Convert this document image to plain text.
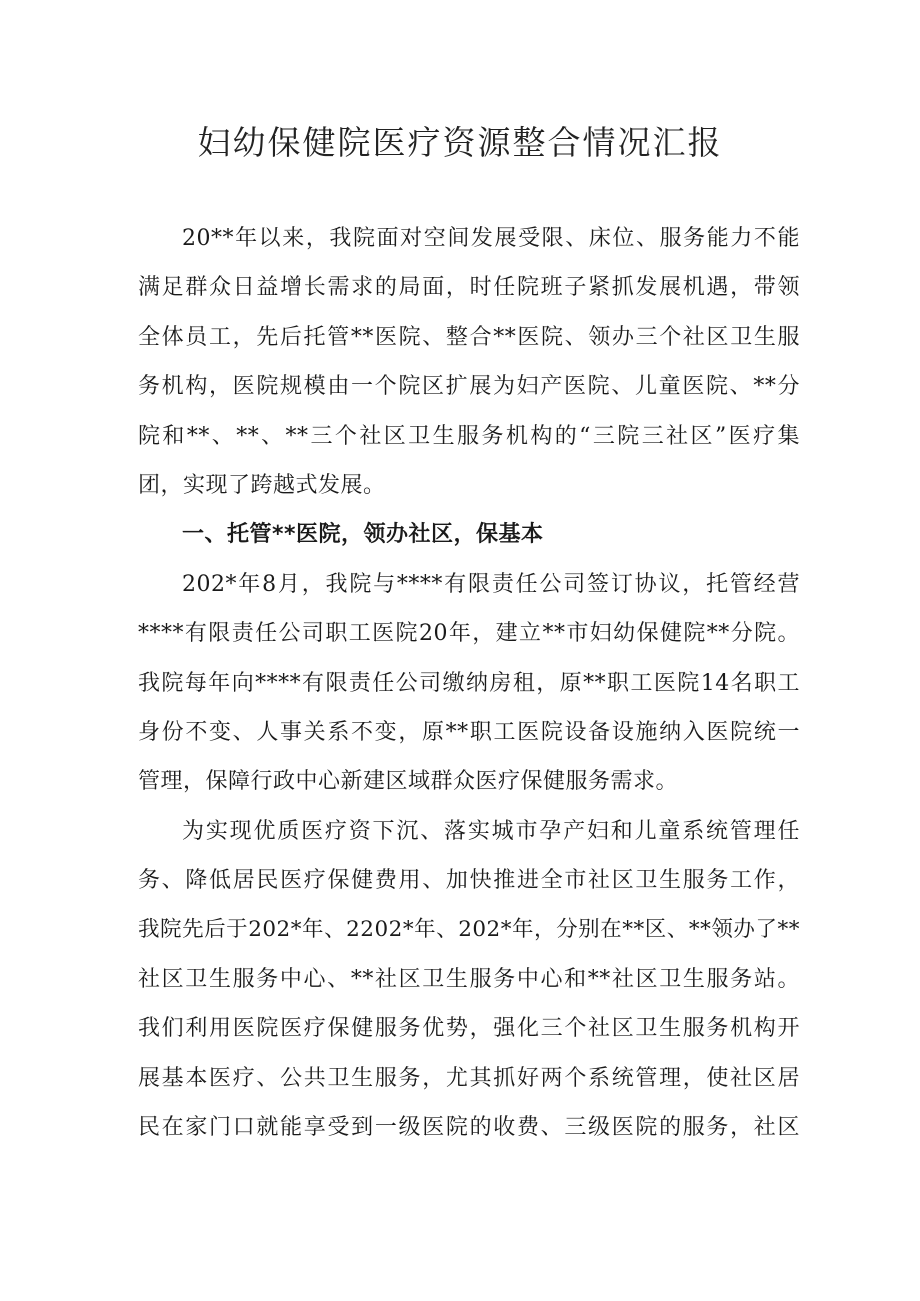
妇幼保健院医疗资源整合情况汇报
20**年以来，我院面对空间发展受限、床位、服务能力不能
满足群众日益增长需求的局面，时任院班子紧抓发展机遇，带领
全体员工，先后托管**医院、整合**医院、领办三个社区卫生服
务机构，医院规模由一个院区扩展为妇产医院、儿童医院、**分
院和**、**、**三个社区卫生服务机构的“三院三社区”医疗集
团，实现了跨越式发展。
一、托管**医院，领办社区，保基本
202*年8月，我院与****有限责任公司签订协议，托管经营
****有限责任公司职工医院20年，建立**市妇幼保健院**分院。
我院每年向****有限责任公司缴纳房租，原**职工医院14名职工
身份不变、人事关系不变，原**职工医院设备设施纳入医院统一
管理，保障行政中心新建区域群众医疗保健服务需求。
为实现优质医疗资下沉、落实城市孕产妇和儿童系统管理任
务、降低居民医疗保健费用、加快推进全市社区卫生服务工作，
我院先后于202*年、2202*年、202*年，分别在**区、**领办了**
社区卫生服务中心、**社区卫生服务中心和**社区卫生服务站。
我们利用医院医疗保健服务优势，强化三个社区卫生服务机构开
展基本医疗、公共卫生服务，尤其抓好两个系统管理，使社区居
民在家门口就能享受到一级医院的收费、三级医院的服务，社区
